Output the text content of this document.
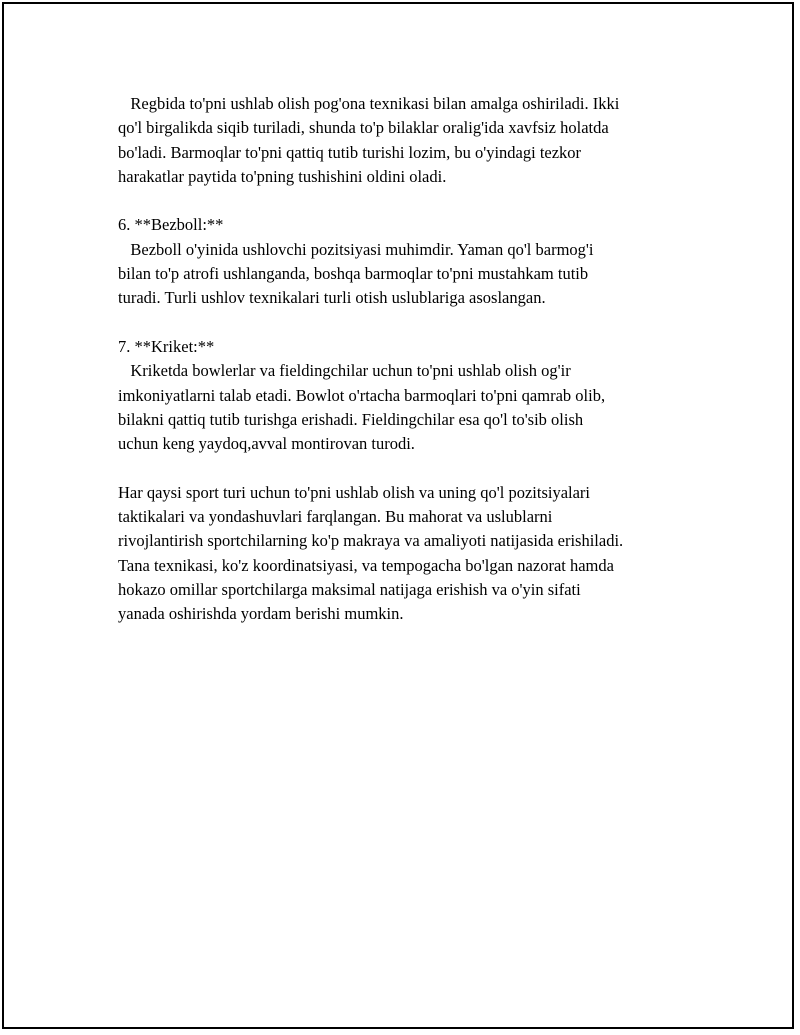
Regbida to'pni ushlab olish pog'ona texnikasi bilan amalga oshiriladi. Ikki
qo'l birgalikda siqib turiladi, shunda to'p bilaklar oralig'ida xavfsiz holatda
bo'ladi. Barmoqlar to'pni qattiq tutib turishi lozim, bu o'yindagi tezkor
harakatlar paytida to'pning tushishini oldini oladi.
6. **Bezboll:**
Bezboll o'yinida ushlovchi pozitsiyasi muhimdir. Yaman qo'l barmog'i
bilan to'p atrofi ushlanganda, boshqa barmoqlar to'pni mustahkam tutib
turadi. Turli ushlov texnikalari turli otish uslublariga asoslangan.
7. **Kriket:**
Kriketda bowlerlar va fieldingchilar uchun to'pni ushlab olish og'ir
imkoniyatlarni talab etadi. Bowlot o'rtacha barmoqlari to'pni qamrab olib,
bilakni qattiq tutib turishga erishadi. Fieldingchilar esa qo'l to'sib olish
uchun keng yaydoq,avval montirovan turodi.
Har qaysi sport turi uchun to'pni ushlab olish va uning qo'l pozitsiyalari
taktikalari va yondashuvlari farqlangan. Bu mahorat va uslublarni
rivojlantirish sportchilarning ko'p makraya va amaliyoti natijasida erishiladi.
Tana texnikasi, ko'z koordinatsiyasi, va tempogacha bo'lgan nazorat hamda
hokazo omillar sportchilarga maksimal natijaga erishish va o'yin sifati
yanada oshirishda yordam berishi mumkin.
